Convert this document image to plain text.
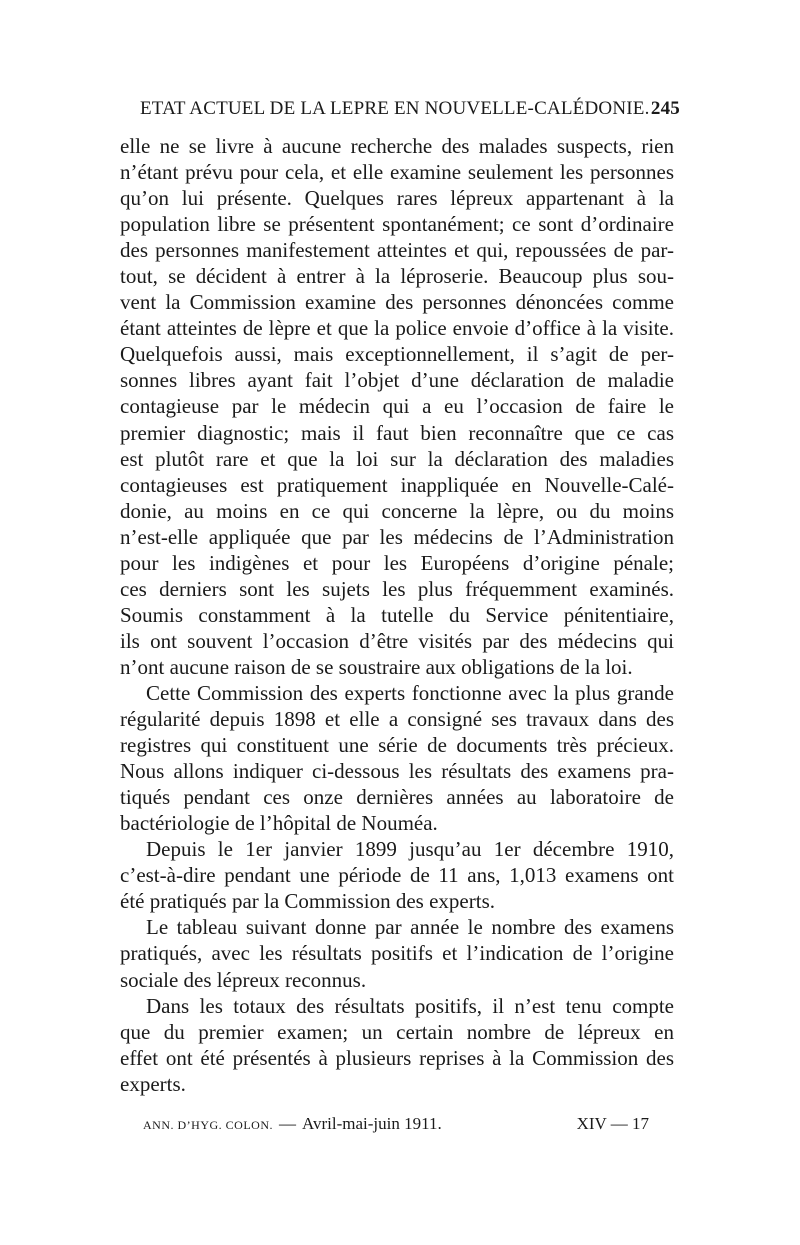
ETAT ACTUEL DE LA LEPRE EN NOUVELLE-CALÉDONIE. 245
elle ne se livre à aucune recherche des malades suspects, rien
n’étant prévu pour cela, et elle examine seulement les personnes
qu’on lui présente. Quelques rares lépreux appartenant à la
population libre se présentent spontanément; ce sont d’ordinaire
des personnes manifestement atteintes et qui, repoussées de par-
tout, se décident à entrer à la léproserie. Beaucoup plus sou-
vent la Commission examine des personnes dénoncées comme
étant atteintes de lèpre et que la police envoie d’office à la visite.
Quelquefois aussi, mais exceptionnellement, il s’agit de per-
sonnes libres ayant fait l’objet d’une déclaration de maladie
contagieuse par le médecin qui a eu l’occasion de faire le
premier diagnostic; mais il faut bien reconnaître que ce cas
est plutôt rare et que la loi sur la déclaration des maladies
contagieuses est pratiquement inappliquée en Nouvelle-Calé-
donie, au moins en ce qui concerne la lèpre, ou du moins
n’est-elle appliquée que par les médecins de l’Administration
pour les indigènes et pour les Européens d’origine pénale;
ces derniers sont les sujets les plus fréquemment examinés.
Soumis constamment à la tutelle du Service pénitentiaire,
ils ont souvent l’occasion d’être visités par des médecins qui
n’ont aucune raison de se soustraire aux obligations de la loi.
Cette Commission des experts fonctionne avec la plus grande
régularité depuis 1898 et elle a consigné ses travaux dans des
registres qui constituent une série de documents très précieux.
Nous allons indiquer ci-dessous les résultats des examens pra-
tiqués pendant ces onze dernières années au laboratoire de
bactériologie de l’hôpital de Nouméa.
Depuis le 1er janvier 1899 jusqu’au 1er décembre 1910,
c’est-à-dire pendant une période de 11 ans, 1,013 examens ont
été pratiqués par la Commission des experts.
Le tableau suivant donne par année le nombre des examens
pratiqués, avec les résultats positifs et l’indication de l’origine
sociale des lépreux reconnus.
Dans les totaux des résultats positifs, il n’est tenu compte
que du premier examen; un certain nombre de lépreux en
effet ont été présentés à plusieurs reprises à la Commission des
experts.
ANN. D’HYG. COLON. — Avril-mai-juin 1911.	XIV — 17
